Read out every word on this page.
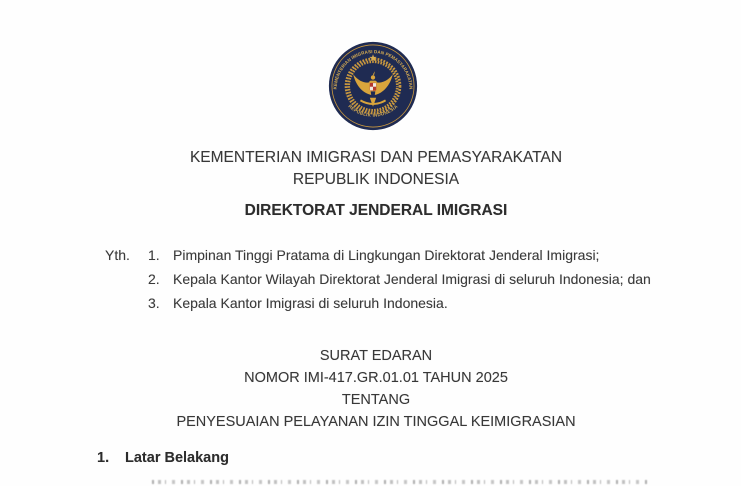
KEMENTERIAN IMIGRASI DAN PEMASYARAKATAN
REPUBLIK INDONESIA
KEMENTERIAN IMIGRASI DAN PEMASYARAKATAN
REPUBLIK INDONESIA
DIREKTORAT JENDERAL IMIGRASI
Yth. 1. Pimpinan Tinggi Pratama di Lingkungan Direktorat Jenderal Imigrasi;
2. Kepala Kantor Wilayah Direktorat Jenderal Imigrasi di seluruh Indonesia; dan
3. Kepala Kantor Imigrasi di seluruh Indonesia.
SURAT EDARAN
NOMOR IMI-417.GR.01.01 TAHUN 2025
TENTANG
PENYESUAIAN PELAYANAN IZIN TINGGAL KEIMIGRASIAN
1.	Latar Belakang
